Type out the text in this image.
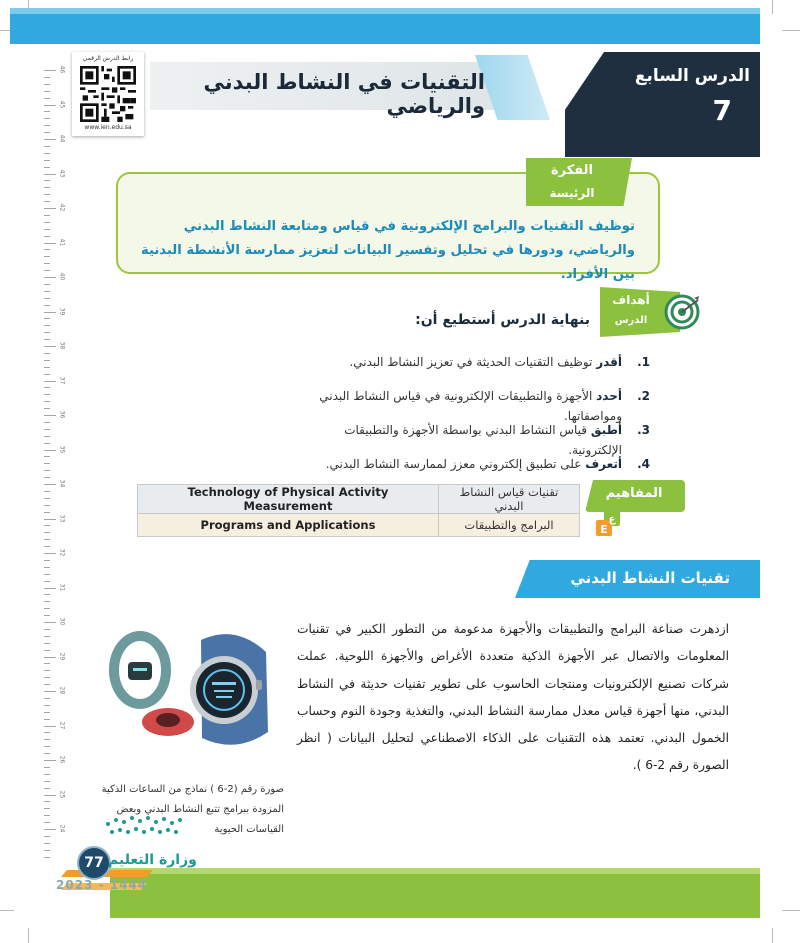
46
45
44
43
42
41
40
39
38
37
36
35
34
33
32
31
30
29
28
27
26
25
24
الدرس السابع
7
التقنيات في النشاط البدني والرياضي
رابط الدرس الرقمي
www.ien.edu.sa
الفكرة
الرئيسة
توظيف التقنيات والبرامج الإلكترونية في قياس ومتابعة النشاط البدني والرياضي، ودورها في تحليل وتفسير البيانات لتعزيز ممارسة الأنشطة البدنية بين الأفراد.
أهداف
الدرس
بنهاية الدرس أستطيع أن:
1.
أقدر توظيف التقنيات الحديثة في تعزيز النشاط البدني.
2.
أحدد الأجهزة والتطبيقات الإلكترونية في قياس النشاط البدني ومواصفاتها.
3.
أطبق قياس النشاط البدني بواسطة الأجهزة والتطبيقات الإلكترونية.
4.
أتعرف على تطبيق إلكتروني معزز لممارسة النشاط البدني.
Technology of Physical Activity Measurement	تقنيات قياس النشاط البدني
Programs and Applications	البرامج والتطبيقات
المفاهيم
ع
E
تقنيات النشاط البدني
ازدهرت صناعة البرامج والتطبيقات والأجهزة مدعومة من التطور الكبير في تقنيات المعلومات والاتصال عبر الأجهزة الذكية متعددة الأغراض والأجهزة اللوحية. عملت شركات تصنيع الإلكترونيات ومنتجات الحاسوب على تطوير تقنيات حديثة في النشاط البدني، منها أجهزة قياس معدل ممارسة النشاط البدني، والتغذية وجودة النوم وحساب الخمول البدني. تعتمد هذه التقنيات على الذكاء الاصطناعي لتحليل البيانات ( انظر الصورة رقم 2-6 ).
صورة رقم (2-6 ) نماذج من الساعات الذكية المزودة ببرامج تتبع النشاط البدني وبعض القياسات الحيوية
77 وزارة التعليم
2023 - 1444
